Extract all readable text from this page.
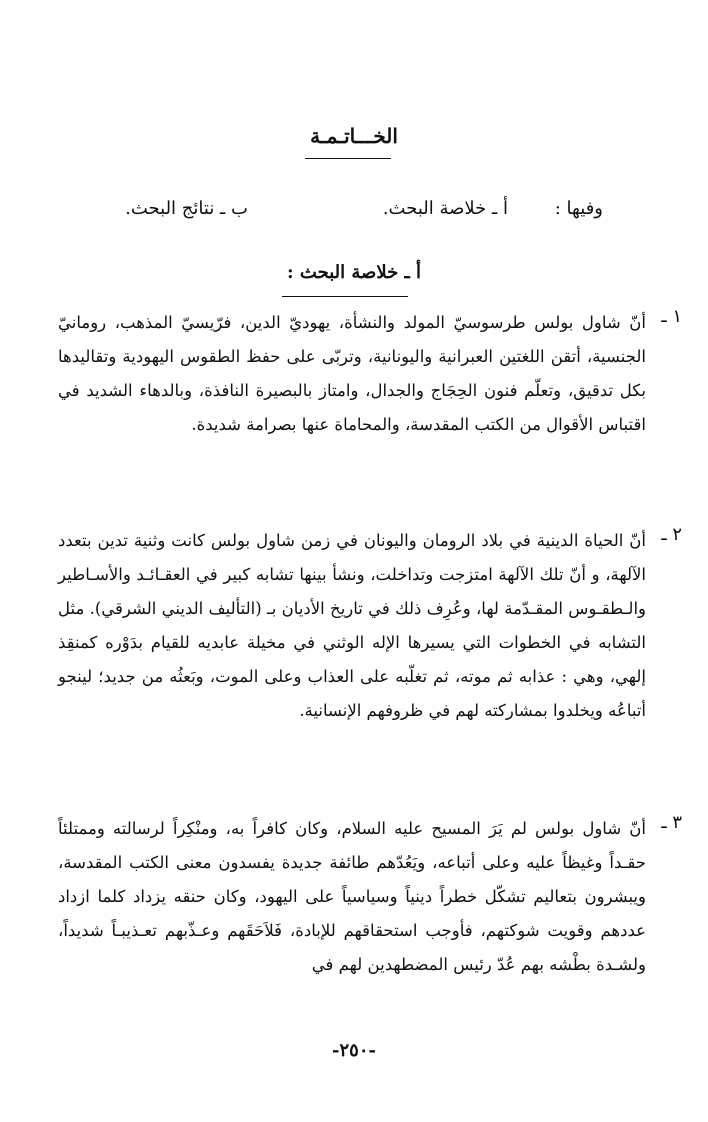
الخـــاتـمـة
وفيها :
أ ـ خلاصة البحث.
ب ـ نتائج البحث.
أ ـ خلاصة البحث :
١ ـ

أنّ شاول بولس طرسوسيّ المولد والنشأة، يهوديّ الدين، فرّيسيّ المذهب، رومانيّ الجنسية، أتقن اللغتين العبرانية واليونانية، وتربّى على حفظ الطقوس اليهودية وتقاليدها بكل تدقيق، وتعلّم فنون الحِجَاج والجدال، وامتاز بالبصيرة النافذة، وبالدهاء الشديد في اقتباس الأقوال من الكتب المقدسة، والمحاماة عنها بصرامة شديدة.

٢ ـ

أنّ الحياة الدينية في بلاد الرومان واليونان في زمن شاول بولس كانت وثنية تدين بتعدد الآلهة، و أنّ تلك الآلهة امتزجت وتداخلت، ونشأ بينها تشابه كبير في العقـائـد والأسـاطير والـطقـوس المقـدّمة لها، وعُرِف ذلك في تاريخ الأديان بـ (التأليف الديني الشرقي). مثل التشابه في الخطوات التي يسيرها الإله الوثني في مخيلة عابديه للقيام بدَوْره كمنقِذ إلهي، وهي : عذابه ثم موته، ثم تغلّبه على العذاب وعلى الموت، وبَعثُه من جديد؛ لينجو أتباعُه ويخلدوا بمشاركته لهم في ظروفهم الإنسانية.

٣ ـ

أنّ شاول بولس لم يَرَ المسيح عليه السلام، وكان كافراً به، ومنْكِراً لرسالته وممتلئاً حقـداً وغيظاً عليه وعلى أتباعه، ويَعُدّهم طائفة جديدة يفسدون معنى الكتب المقدسة، ويبشرون بتعاليم تشكّل خطراً دينياً وسياسياً على اليهود، وكان حنقه يزداد كلما ازداد عددهم وقويت شوكتهم، فأوجب استحقاقهم للإبادة، فَلاَحَقَهم وعـذّبهم تعـذيبـاً شديداً، ولشـدة بطْشه بهم عُدّ رئيس المضطهدين لهم في

-٢٥٠-
